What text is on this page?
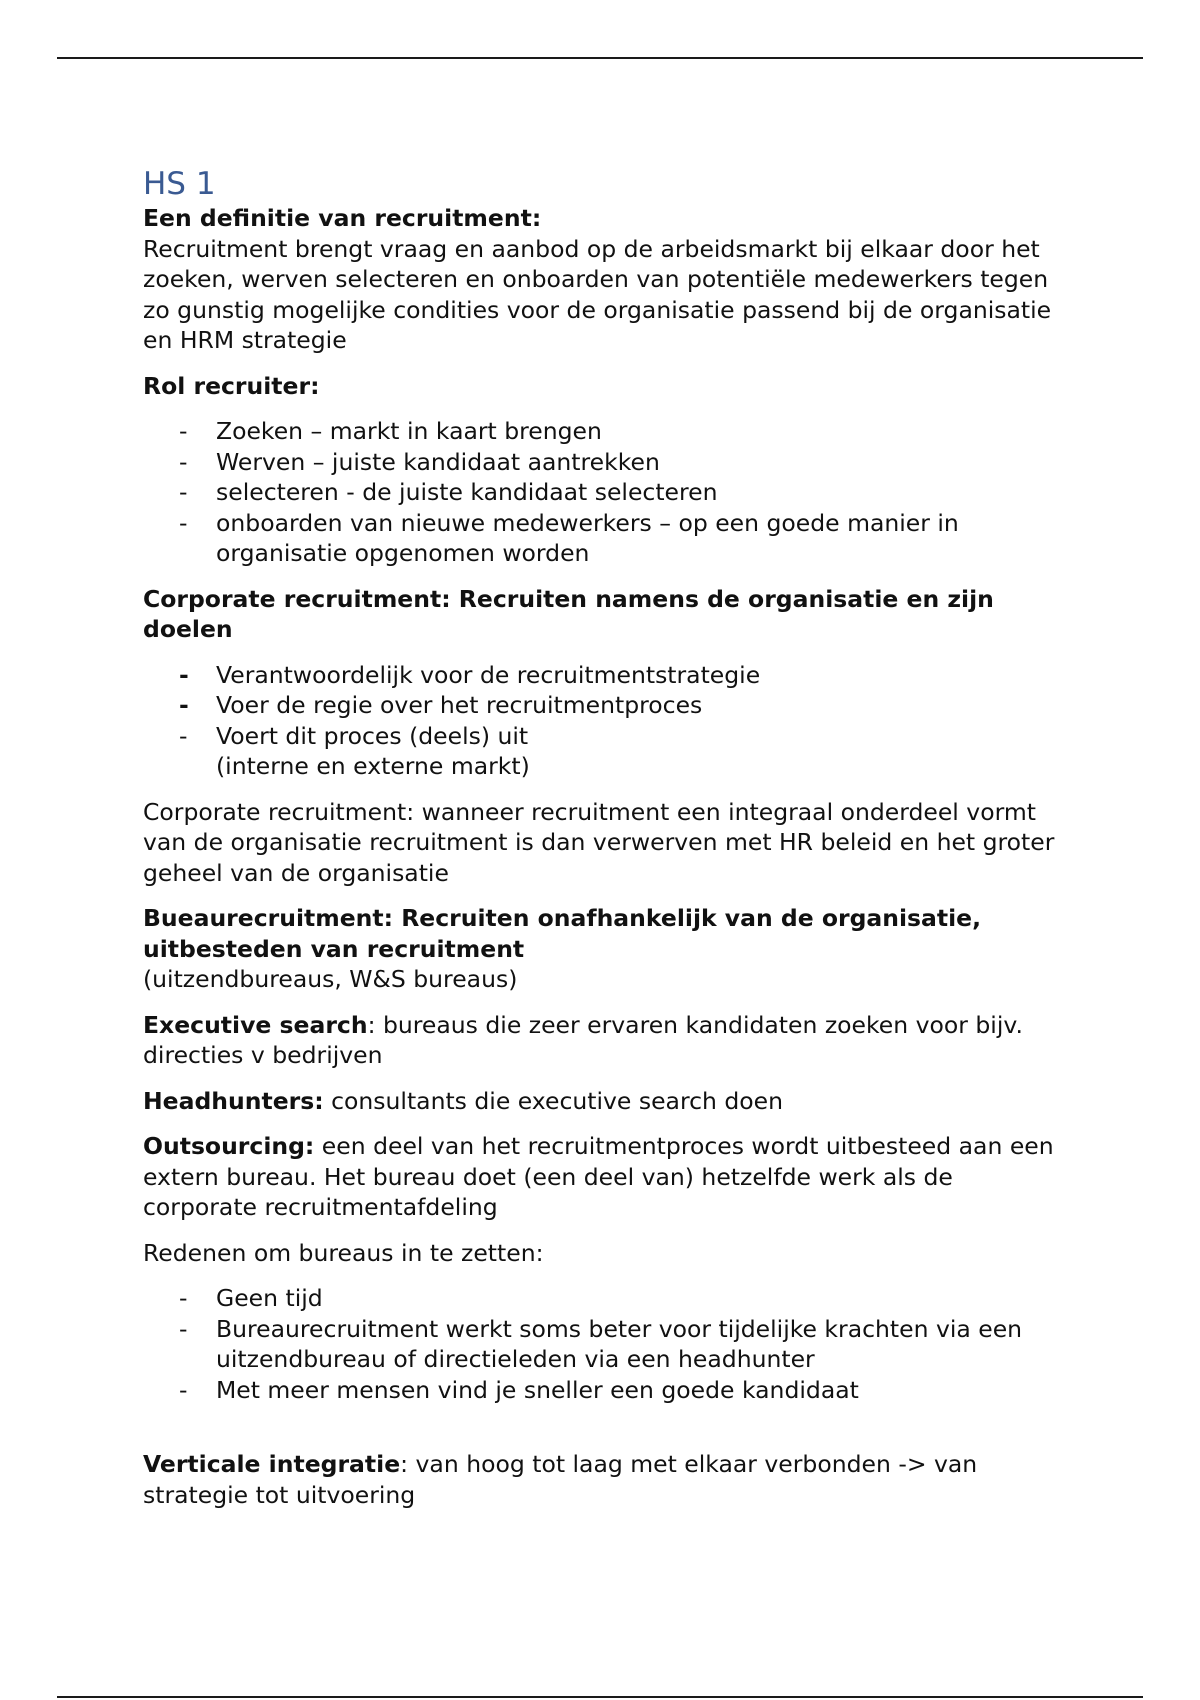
HS 1

Een definitie van recruitment:

Recruitment brengt vraag en aanbod op de arbeidsmarkt bij elkaar door het zoeken, werven selecteren en onboarden van potentiële medewerkers tegen zo gunstig mogelijke condities voor de organisatie passend bij de organisatie en HRM strategie

Rol recruiter:

- Zoeken – markt in kaart brengen
- Werven – juiste kandidaat aantrekken
- selecteren - de juiste kandidaat selecteren
- onboarden van nieuwe medewerkers – op een goede manier in organisatie opgenomen worden

Corporate recruitment: Recruiten namens de organisatie en zijn doelen

- Verantwoordelijk voor de recruitmentstrategie
- Voer de regie over het recruitmentproces
- Voert dit proces (deels) uit
(interne en externe markt)

Corporate recruitment: wanneer recruitment een integraal onderdeel vormt van de organisatie recruitment is dan verwerven met HR beleid en het groter geheel van de organisatie

Bueaurecruitment: Recruiten onafhankelijk van de organisatie, uitbesteden van recruitment

(uitzendbureaus, W&S bureaus)

Executive search: bureaus die zeer ervaren kandidaten zoeken voor bijv. directies v bedrijven

Headhunters: consultants die executive search doen

Outsourcing: een deel van het recruitmentproces wordt uitbesteed aan een extern bureau. Het bureau doet (een deel van) hetzelfde werk als de corporate recruitmentafdeling

Redenen om bureaus in te zetten:

- Geen tijd
- Bureaurecruitment werkt soms beter voor tijdelijke krachten via een uitzendbureau of directieleden via een headhunter
- Met meer mensen vind je sneller een goede kandidaat

Verticale integratie: van hoog tot laag met elkaar verbonden -> van strategie tot uitvoering
